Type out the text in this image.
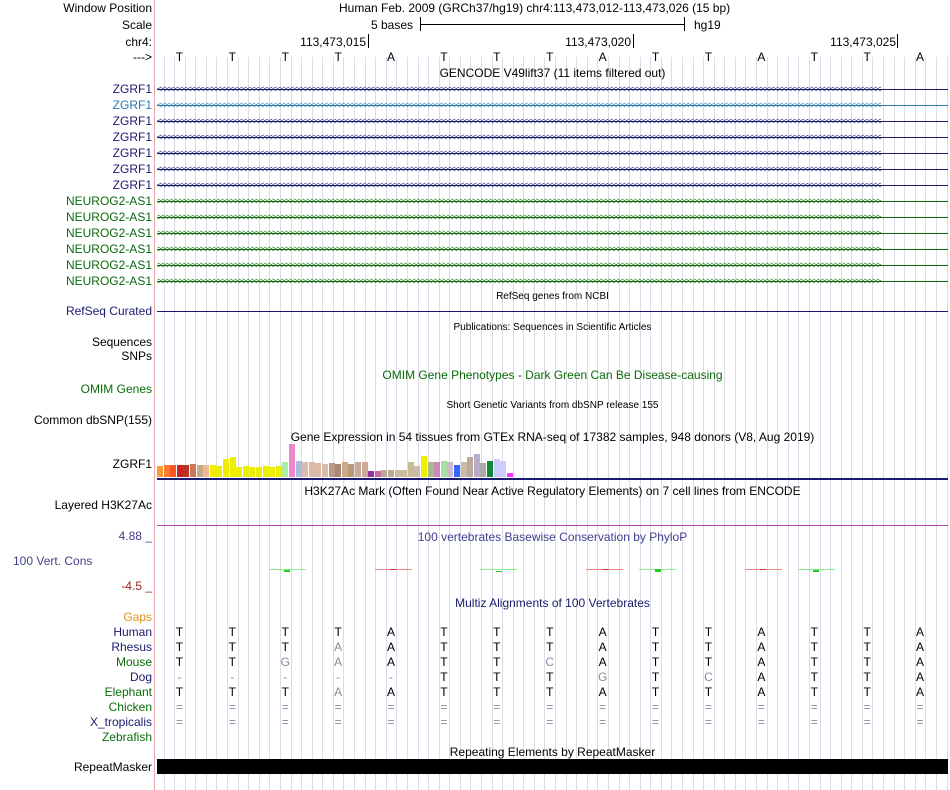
Window Position	Human Feb. 2009 (GRCh37/hg19) chr4:113,473,012-113,473,026 (15 bp)
Scale	5 bases	hg19
chr4:	113,473,015	113,473,020	113,473,025
--->	T	T	T	T	A	T	T	T	A	T	T	A	T	T	A
GENCODE V49lift37 (11 items filtered out)
ZGRF1 <<<<<<<<<<<<<<<<<<<<<<<<<<<<<<<<<<<<<<<<<<<<<<<<<<<<<<<<<<<<<<<<<<<<<<<<<<<<<<<<<<<<<<<<<<<<<<<<<<<<<<<<<<<<<<<<<<<<<<<<<<<<<<<<<<<<<<<<<<<<<<<<<<<<<<<<<<<<<<<<<<<<<<<<<<
ZGRF1 <<<<<<<<<<<<<<<<<<<<<<<<<<<<<<<<<<<<<<<<<<<<<<<<<<<<<<<<<<<<<<<<<<<<<<<<<<<<<<<<<<<<<<<<<<<<<<<<<<<<<<<<<<<<<<<<<<<<<<<<<<<<<<<<<<<<<<<<<<<<<<<<<<<<<<<<<<<<<<<<<<<<<<<<<<
ZGRF1 <<<<<<<<<<<<<<<<<<<<<<<<<<<<<<<<<<<<<<<<<<<<<<<<<<<<<<<<<<<<<<<<<<<<<<<<<<<<<<<<<<<<<<<<<<<<<<<<<<<<<<<<<<<<<<<<<<<<<<<<<<<<<<<<<<<<<<<<<<<<<<<<<<<<<<<<<<<<<<<<<<<<<<<<<<
ZGRF1 <<<<<<<<<<<<<<<<<<<<<<<<<<<<<<<<<<<<<<<<<<<<<<<<<<<<<<<<<<<<<<<<<<<<<<<<<<<<<<<<<<<<<<<<<<<<<<<<<<<<<<<<<<<<<<<<<<<<<<<<<<<<<<<<<<<<<<<<<<<<<<<<<<<<<<<<<<<<<<<<<<<<<<<<<<
ZGRF1 <<<<<<<<<<<<<<<<<<<<<<<<<<<<<<<<<<<<<<<<<<<<<<<<<<<<<<<<<<<<<<<<<<<<<<<<<<<<<<<<<<<<<<<<<<<<<<<<<<<<<<<<<<<<<<<<<<<<<<<<<<<<<<<<<<<<<<<<<<<<<<<<<<<<<<<<<<<<<<<<<<<<<<<<<<
ZGRF1 <<<<<<<<<<<<<<<<<<<<<<<<<<<<<<<<<<<<<<<<<<<<<<<<<<<<<<<<<<<<<<<<<<<<<<<<<<<<<<<<<<<<<<<<<<<<<<<<<<<<<<<<<<<<<<<<<<<<<<<<<<<<<<<<<<<<<<<<<<<<<<<<<<<<<<<<<<<<<<<<<<<<<<<<<<
ZGRF1 <<<<<<<<<<<<<<<<<<<<<<<<<<<<<<<<<<<<<<<<<<<<<<<<<<<<<<<<<<<<<<<<<<<<<<<<<<<<<<<<<<<<<<<<<<<<<<<<<<<<<<<<<<<<<<<<<<<<<<<<<<<<<<<<<<<<<<<<<<<<<<<<<<<<<<<<<<<<<<<<<<<<<<<<<<
NEUROG2-AS1 >>>>>>>>>>>>>>>>>>>>>>>>>>>>>>>>>>>>>>>>>>>>>>>>>>>>>>>>>>>>>>>>>>>>>>>>>>>>>>>>>>>>>>>>>>>>>>>>>>>>>>>>>>>>>>>>>>>>>>>>>>>>>>>>>>>>>>>>>>>>>>>>>>>>>>>>>>>>>>>>>>>>>>>>>>
NEUROG2-AS1 >>>>>>>>>>>>>>>>>>>>>>>>>>>>>>>>>>>>>>>>>>>>>>>>>>>>>>>>>>>>>>>>>>>>>>>>>>>>>>>>>>>>>>>>>>>>>>>>>>>>>>>>>>>>>>>>>>>>>>>>>>>>>>>>>>>>>>>>>>>>>>>>>>>>>>>>>>>>>>>>>>>>>>>>>>
NEUROG2-AS1 >>>>>>>>>>>>>>>>>>>>>>>>>>>>>>>>>>>>>>>>>>>>>>>>>>>>>>>>>>>>>>>>>>>>>>>>>>>>>>>>>>>>>>>>>>>>>>>>>>>>>>>>>>>>>>>>>>>>>>>>>>>>>>>>>>>>>>>>>>>>>>>>>>>>>>>>>>>>>>>>>>>>>>>>>>
NEUROG2-AS1 >>>>>>>>>>>>>>>>>>>>>>>>>>>>>>>>>>>>>>>>>>>>>>>>>>>>>>>>>>>>>>>>>>>>>>>>>>>>>>>>>>>>>>>>>>>>>>>>>>>>>>>>>>>>>>>>>>>>>>>>>>>>>>>>>>>>>>>>>>>>>>>>>>>>>>>>>>>>>>>>>>>>>>>>>>
NEUROG2-AS1 >>>>>>>>>>>>>>>>>>>>>>>>>>>>>>>>>>>>>>>>>>>>>>>>>>>>>>>>>>>>>>>>>>>>>>>>>>>>>>>>>>>>>>>>>>>>>>>>>>>>>>>>>>>>>>>>>>>>>>>>>>>>>>>>>>>>>>>>>>>>>>>>>>>>>>>>>>>>>>>>>>>>>>>>>>
NEUROG2-AS1 >>>>>>>>>>>>>>>>>>>>>>>>>>>>>>>>>>>>>>>>>>>>>>>>>>>>>>>>>>>>>>>>>>>>>>>>>>>>>>>>>>>>>>>>>>>>>>>>>>>>>>>>>>>>>>>>>>>>>>>>>>>>>>>>>>>>>>>>>>>>>>>>>>>>>>>>>>>>>>>>>>>>>>>>>>
RefSeq genes from NCBI
RefSeq Curated
Publications: Sequences in Scientific Articles
Sequences
SNPs
OMIM Gene Phenotypes - Dark Green Can Be Disease-causing
OMIM Genes
Short Genetic Variants from dbSNP release 155
Common dbSNP(155)
Gene Expression in 54 tissues from GTEx RNA-seq of 17382 samples, 948 donors (V8, Aug 2019)
ZGRF1
H3K27Ac Mark (Often Found Near Active Regulatory Elements) on 7 cell lines from ENCODE
Layered H3K27Ac
100 vertebrates Basewise Conservation by PhyloP
4.88 _
100 Vert. Cons
-4.5 _
Multiz Alignments of 100 Vertebrates
Gaps
Human	T	T	T	T	A	T	T	T	A	T	T	A	T	T	A
Rhesus	T	T	T	A	A	T	T	T	A	T	T	A	T	T	A
Mouse	T	T	G	A	A	T	T	C	A	T	T	A	T	T	A
Dog	-	-	-	-	-	T	T	T	G	T	C	A	T	T	A
Elephant	T	T	T	A	A	T	T	T	A	T	T	A	T	T	A
Chicken	=	=	=	=	=	=	=	=	=	=	=	=	=	=	=
X_tropicalis	=	=	=	=	=	=	=	=	=	=	=	=	=	=	=
Zebrafish
Repeating Elements by RepeatMasker
RepeatMasker
